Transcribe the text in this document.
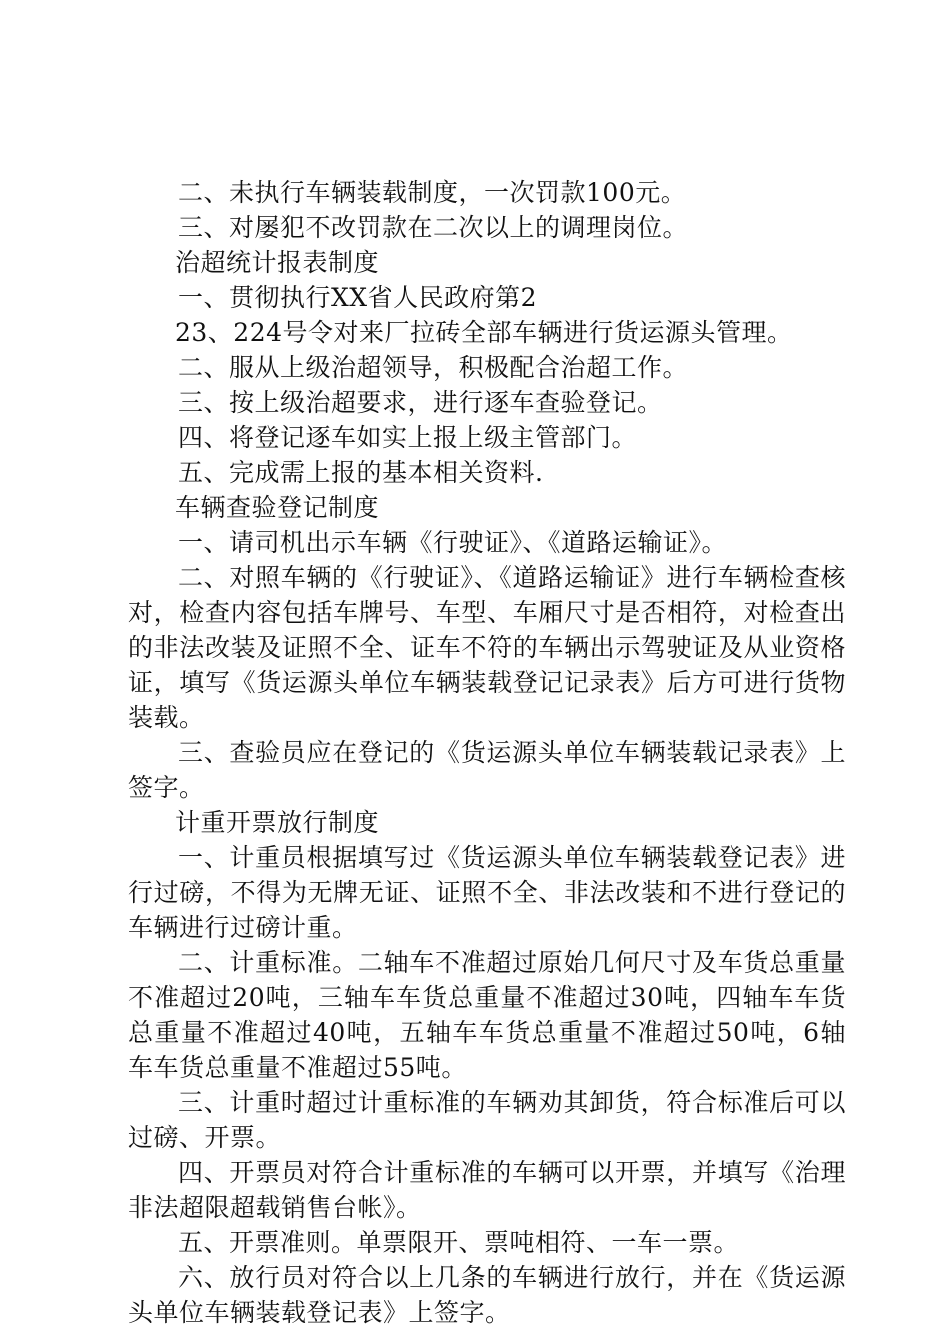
二、未执行车辆装载制度，一次罚款100元。

三、对屡犯不改罚款在二次以上的调理岗位。

治超统计报表制度

一、贯彻执行XX省人民政府第2

23、224号令对来厂拉砖全部车辆进行货运源头管理。

二、服从上级治超领导，积极配合治超工作。

三、按上级治超要求，进行逐车查验登记。

四、将登记逐车如实上报上级主管部门。

五、完成需上报的基本相关资料.

车辆查验登记制度

一、请司机出示车辆《行驶证》、《道路运输证》。

二、对照车辆的《行驶证》、《道路运输证》进行车辆检查核对，检查内容包括车牌号、车型、车厢尺寸是否相符，对检查出的非法改装及证照不全、证车不符的车辆出示驾驶证及从业资格证，填写《货运源头单位车辆装载登记记录表》后方可进行货物装载。

三、查验员应在登记的《货运源头单位车辆装载记录表》上签字。

计重开票放行制度

一、计重员根据填写过《货运源头单位车辆装载登记表》进行过磅，不得为无牌无证、证照不全、非法改装和不进行登记的车辆进行过磅计重。

二、计重标准。二轴车不准超过原始几何尺寸及车货总重量不准超过20吨，三轴车车货总重量不准超过30吨，四轴车车货总重量不准超过40吨，五轴车车货总重量不准超过50吨，6轴车车货总重量不准超过55吨。

三、计重时超过计重标准的车辆劝其卸货，符合标准后可以过磅、开票。

四、开票员对符合计重标准的车辆可以开票，并填写《治理非法超限超载销售台帐》。

五、开票准则。单票限开、票吨相符、一车一票。

六、放行员对符合以上几条的车辆进行放行，并在《货运源头单位车辆装载登记表》上签字。
